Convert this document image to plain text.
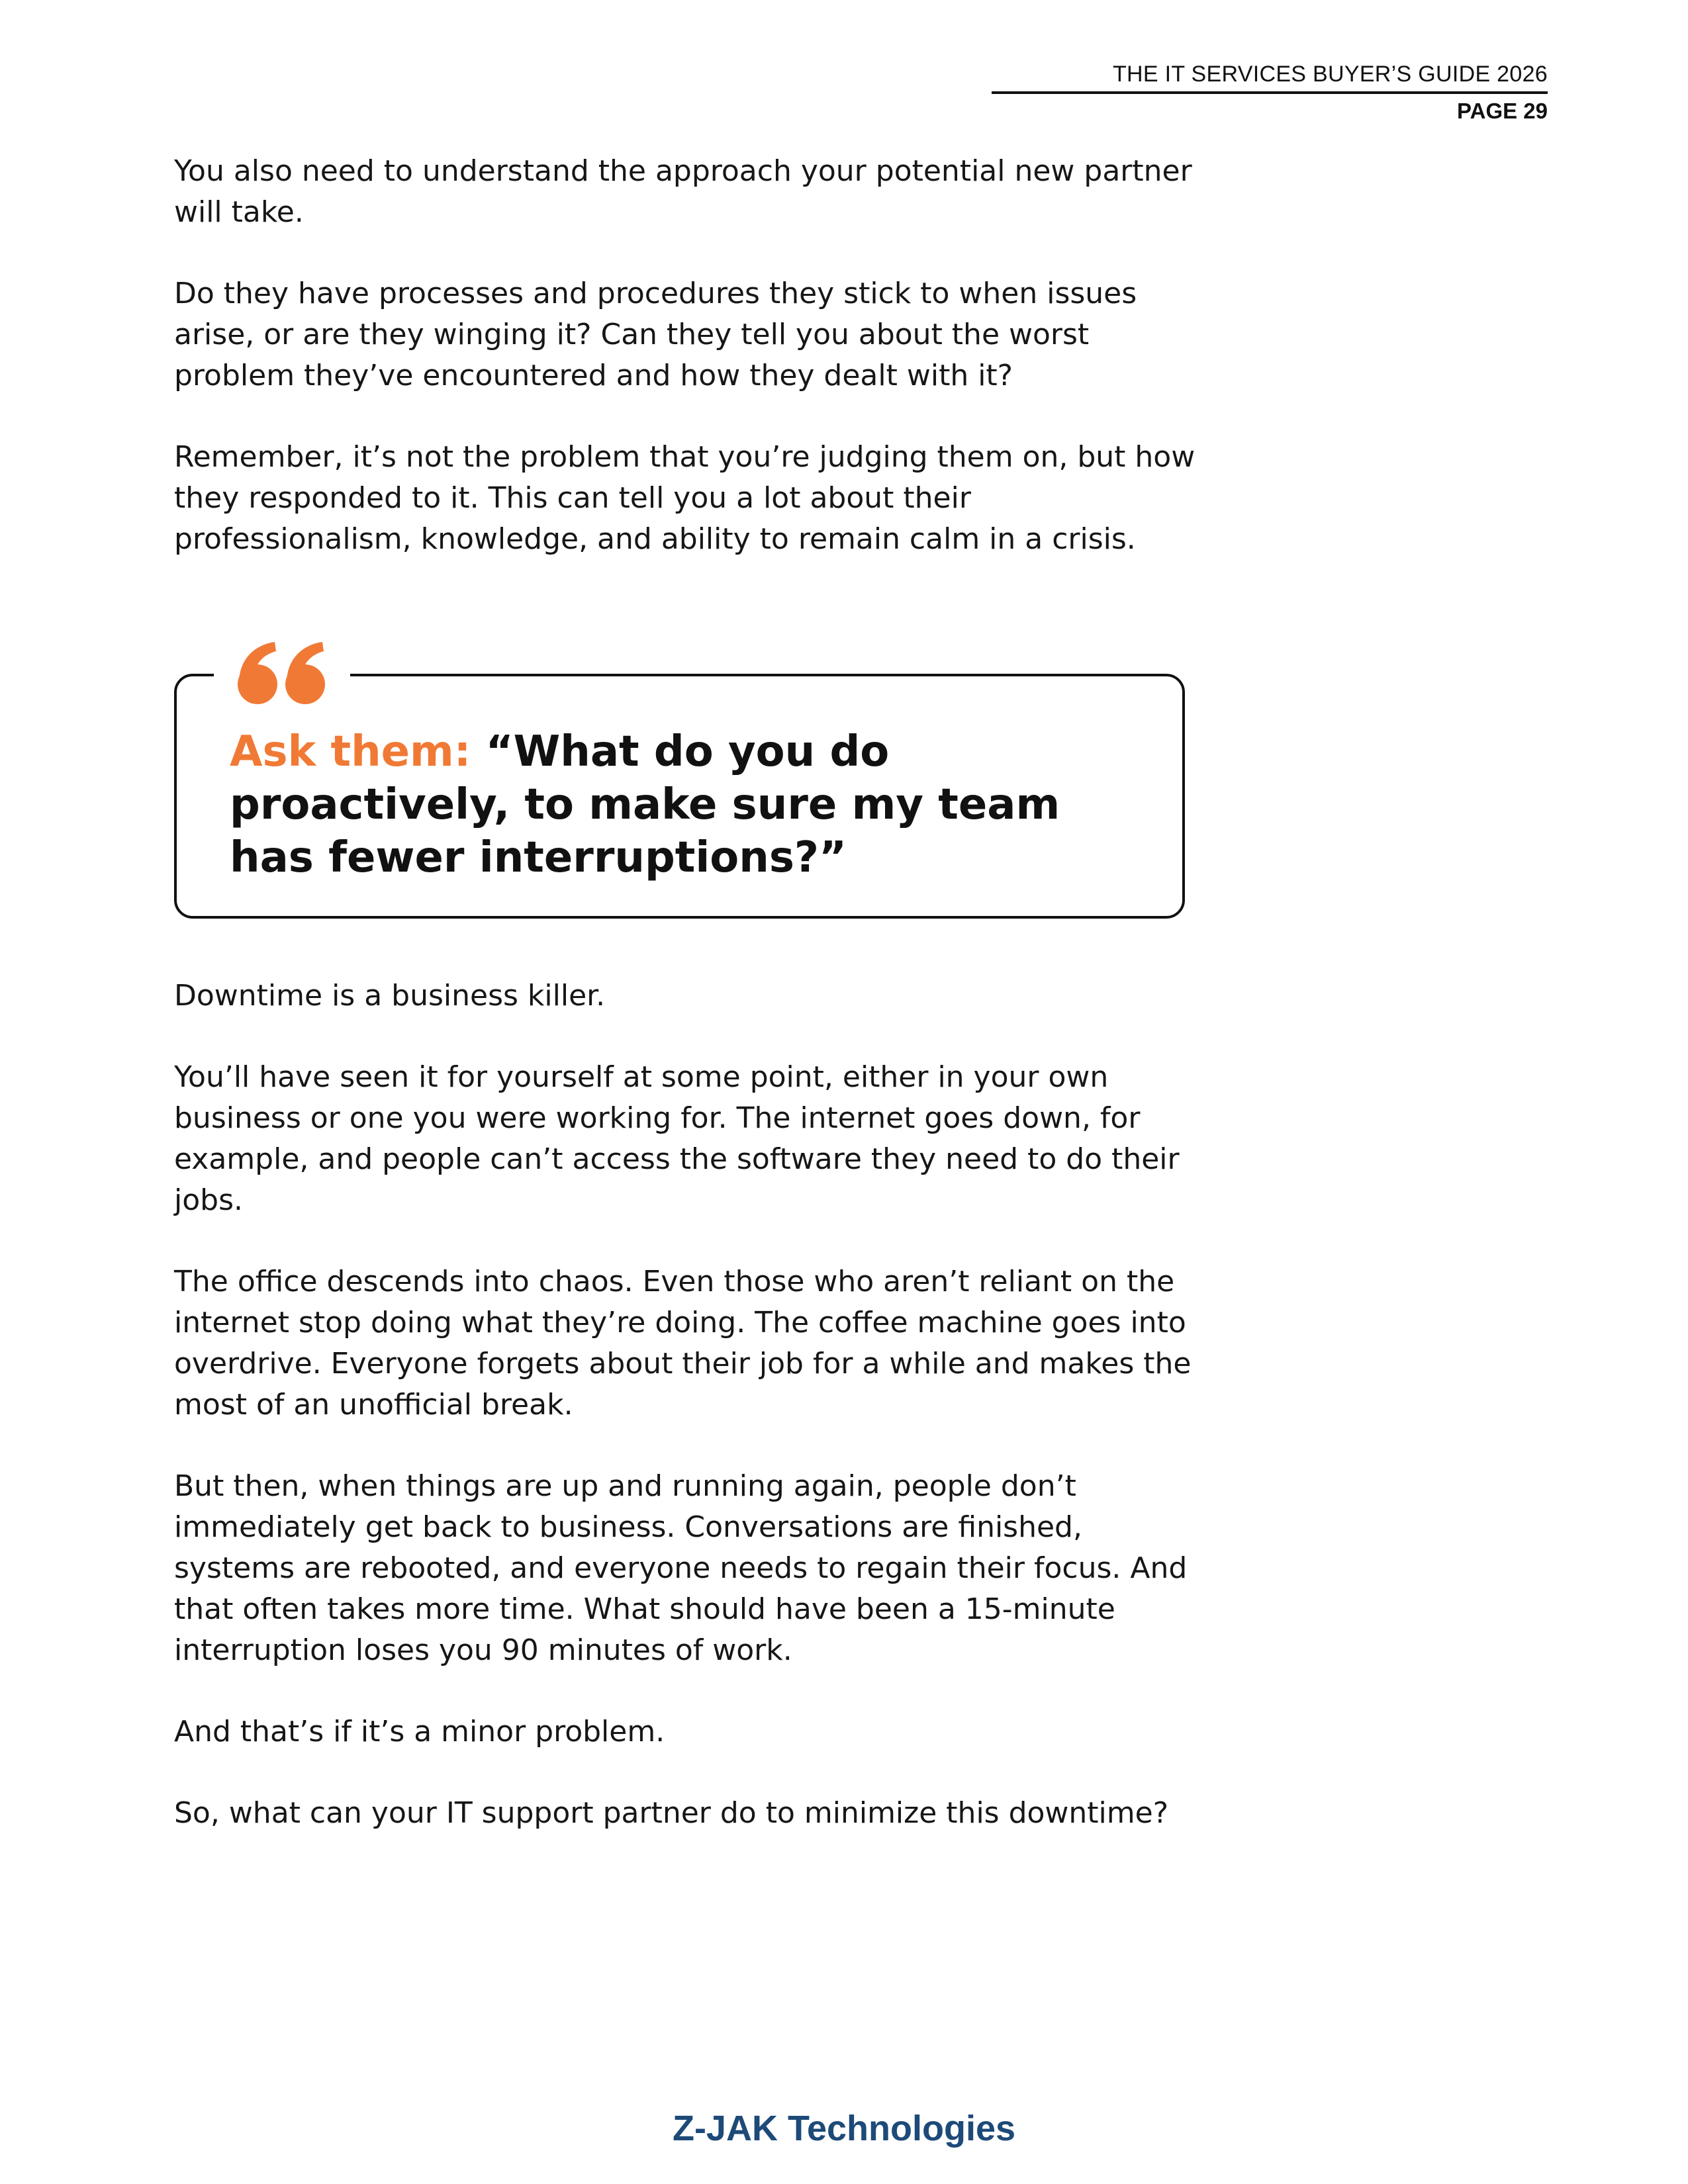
THE IT SERVICES BUYER’S GUIDE 2026
PAGE 29

You also need to understand the approach your potential new partner
will take.

Do they have processes and procedures they stick to when issues
arise, or are they winging it? Can they tell you about the worst
problem they’ve encountered and how they dealt with it?

Remember, it’s not the problem that you’re judging them on, but how
they responded to it. This can tell you a lot about their
professionalism, knowledge, and ability to remain calm in a crisis.

Ask them: “What do you do proactively, to make sure my team has fewer interruptions?”

Downtime is a business killer.

You’ll have seen it for yourself at some point, either in your own
business or one you were working for. The internet goes down, for
example, and people can’t access the software they need to do their
jobs.

The office descends into chaos. Even those who aren’t reliant on the
internet stop doing what they’re doing. The coffee machine goes into
overdrive. Everyone forgets about their job for a while and makes the
most of an unofficial break.

But then, when things are up and running again, people don’t
immediately get back to business. Conversations are finished,
systems are rebooted, and everyone needs to regain their focus. And
that often takes more time. What should have been a 15-minute
interruption loses you 90 minutes of work.

And that’s if it’s a minor problem.

So, what can your IT support partner do to minimize this downtime?

Z-JAK Technologies
